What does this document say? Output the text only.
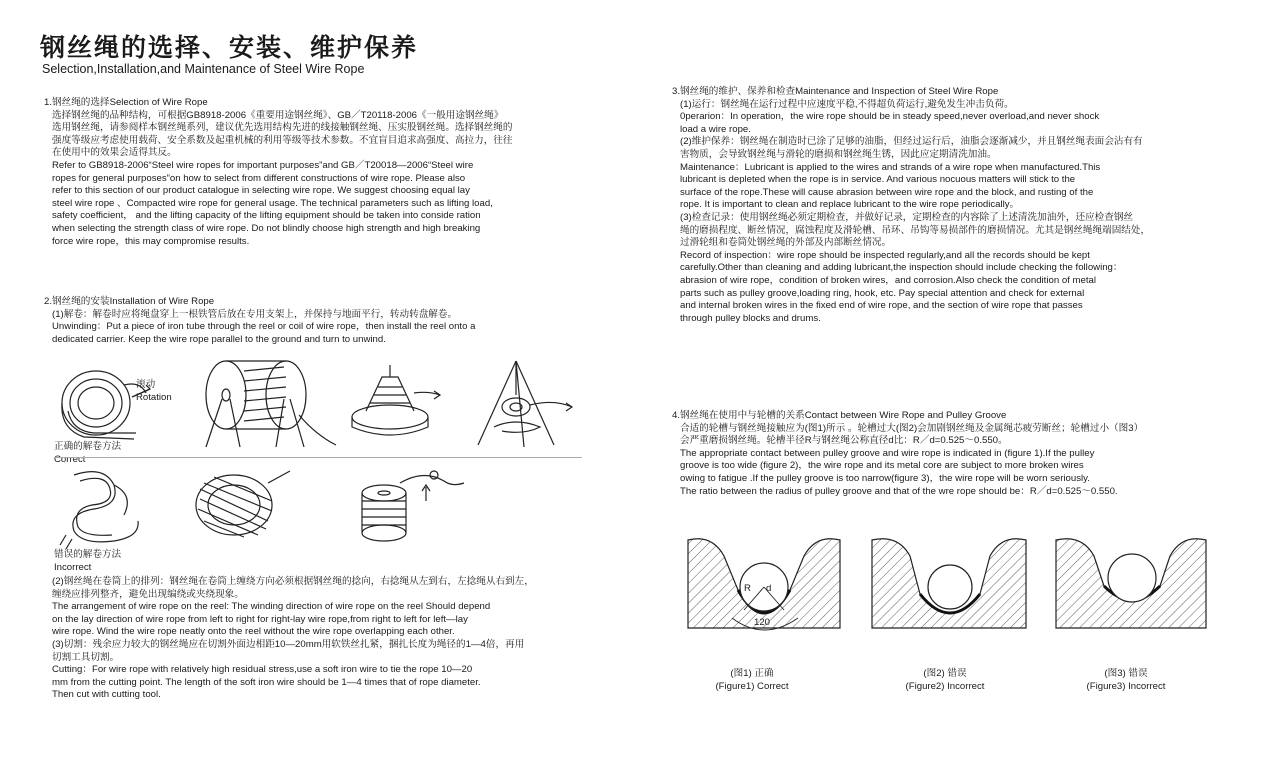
钢丝绳的选择、安装、维护保养
Selection,Installation,and Maintenance of Steel Wire Rope
1.钢丝绳的选择Selection of Wire Rope
选择钢丝绳的品种结构，可根据GB8918-2006《重要用途钢丝绳》、GB／T20118-2006《一般用途钢丝绳》
选用钢丝绳，请参阅样本钢丝绳系列，建议优先选用结构先进的线接触钢丝绳、压实股钢丝绳。选择钢丝绳的
强度等级应考虑使用载荷、安全系数及起重机械的利用等级等技术参数。不宜盲目追求高强度、高拉力，往往
在使用中的效果会适得其反。
Refer to GB8918-2006“Steel wire ropes for important purposes”and GB／T20018—2006“Steel wire
ropes for general purposes”on how to select from different constructions of wire rope. Please also
refer to this section of our product catalogue in selecting wire rope. We suggest choosing equal lay
steel wire rope 、Compacted wire rope for general usage. The technical parameters such as lifting load,
safety coefficient， and the lifting capacity of the lifting equipment should be taken into conside ration
when selecting the strength class of wire rope. Do not blindly choose high strength and high breaking
force wire rope，this may compromise results.
2.钢丝绳的安装Installation of Wire Rope
(1)解卷：解卷时应将绳盘穿上一根铁管后放在专用支架上，并保持与地面平行，转动转盘解卷。
Unwinding：Put a piece of iron tube through the reel or coil of wire rope，then install the reel onto a
dedicated carrier. Keep the wire rope parallel to the ground and turn to unwind.
滚动
Rotation
正确的解卷方法
Correct
错误的解卷方法
Incorrect
(2)钢丝绳在卷筒上的排列：钢丝绳在卷筒上缠绕方向必须根据钢丝绳的捻向，右捻绳从左到右，左捻绳从右到左，
缠绕应排列整齐，避免出现编绕或夹绕现象。
The arrangement of wire rope on the reel: The winding direction of wire rope on the reel Should depend
on the lay direction of wire rope from left to right for right-lay wire rope,from right to left for left—lay
wire rope. Wind the wire rope neatly onto the reel without the wire rope overlapping each other.
(3)切割：残余应力较大的钢丝绳应在切割外面边相距10—20mm用软铁丝扎紧，捆扎长度为绳径的1—4倍，再用
切割工具切割。
Cutting：For wire rope with relatively high residual stress,use a soft iron wire to tie the rope 10—20
mm from the cutting point. The length of the soft iron wire should be 1—4 times that of rope diameter.
Then cut with cutting tool.
3.钢丝绳的维护、保养和检查Maintenance and Inspection of Steel Wire Rope
(1)运行：钢丝绳在运行过程中应速度平稳,不得超负荷运行,避免发生冲击负荷。
0perarion：In operation，the wire rope should be in steady speed,never overload,and never shock
load a wire rope.
(2)维护保养：钢丝绳在制造时已涂了足够的油脂，但经过运行后，油脂会逐渐减少，并且钢丝绳表面会沾有有
害物质，会导致钢丝绳与滑轮的磨损和钢丝绳生锈，因此应定期清洗加油。
Maintenance：Lubricant is applied to the wires and strands of a wire rope when manufactured.This
lubricant is depleted when the rope is in service. And various nocuous matters will stick to the
surface of the rope.These will cause abrasion between wire rope and the block, and rusting of the
rope. It is important to clean and replace lubricant to the wire rope periodically。
(3)检查记录：使用钢丝绳必须定期检查，并做好记录，定期检查的内容除了上述清洗加油外，还应检查钢丝
绳的磨损程度、断丝情况，腐蚀程度及滑轮槽、吊环、吊钩等易损部件的磨损情况。尤其是钢丝绳绳端固结处，
过滑轮组和卷筒处钢丝绳的外部及内部断丝情况。
Record of inspection：wire rope should be inspected regularly,and all the records should be kept
carefully.Other than cleaning and adding lubricant,the inspection should include checking the following：
abrasion of wire rope，condition of broken wires，and corrosion.Also check the condition of metal
parts such as pulley groove,loading ring, hook, etc. Pay special attention and check for external
and internal broken wires in the fixed end of wire rope, and the section of wire rope that passes
through pulley blocks and drums.
4.钢丝绳在使用中与轮槽的关系Contact between Wire Rope and Pulley Groove
合适的轮槽与钢丝绳接触应为(图1)所示 。轮槽过大(图2)会加剧钢丝绳及金属绳芯疲劳断丝；轮槽过小（图3）
会严重磨损钢丝绳。轮槽半径R与钢丝绳公称直径d比：R／d=0.525～0.550。
The appropriate contact between pulley groove and wire rope is indicated in (figure 1).If the pulley
groove is too wide (figure 2)，the wire rope and its metal core are subject to more broken wires
owing to fatigue .If the pulley groove is too narrow(figure 3)，the wire rope will be worn seriously.
The ratio between the radius of pulley groove and that of the wre rope should be：R／d=0.525～0.550.
R d
120
(图1) 正确
(Figure1) Correct
(图2) 错误
(Figure2) Incorrect
(图3) 错误
(Figure3) Incorrect
